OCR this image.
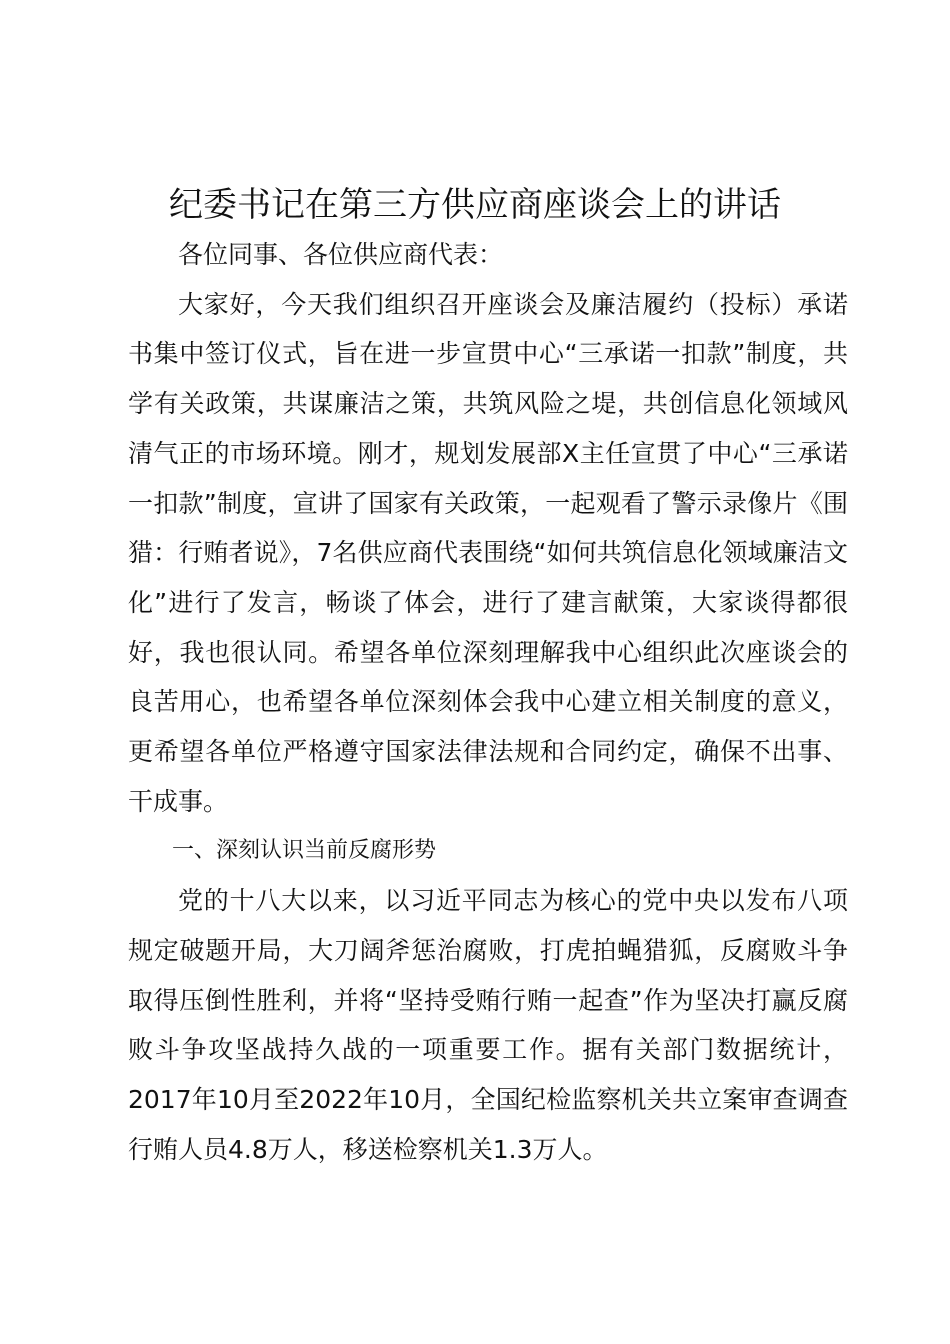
纪委书记在第三方供应商座谈会上的讲话

各位同事、各位供应商代表：

大家好，今天我们组织召开座谈会及廉洁履约（投标）承诺书集中签订仪式，旨在进一步宣贯中心“三承诺一扣款”制度，共学有关政策，共谋廉洁之策，共筑风险之堤，共创信息化领域风清气正的市场环境。刚才，规划发展部X主任宣贯了中心“三承诺一扣款”制度，宣讲了国家有关政策，一起观看了警示录像片《围猎：行贿者说》，7名供应商代表围绕“如何共筑信息化领域廉洁文化”进行了发言，畅谈了体会，进行了建言献策，大家谈得都很好，我也很认同。希望各单位深刻理解我中心组织此次座谈会的良苦用心，也希望各单位深刻体会我中心建立相关制度的意义，更希望各单位严格遵守国家法律法规和合同约定，确保不出事、干成事。

一、深刻认识当前反腐形势

党的十八大以来，以习近平同志为核心的党中央以发布八项规定破题开局，大刀阔斧惩治腐败，打虎拍蝇猎狐，反腐败斗争取得压倒性胜利，并将“坚持受贿行贿一起查”作为坚决打赢反腐败斗争攻坚战持久战的一项重要工作。据有关部门数据统计，2017年10月至2022年10月，全国纪检监察机关共立案审查调查行贿人员4.8万人，移送检察机关1.3万人。
